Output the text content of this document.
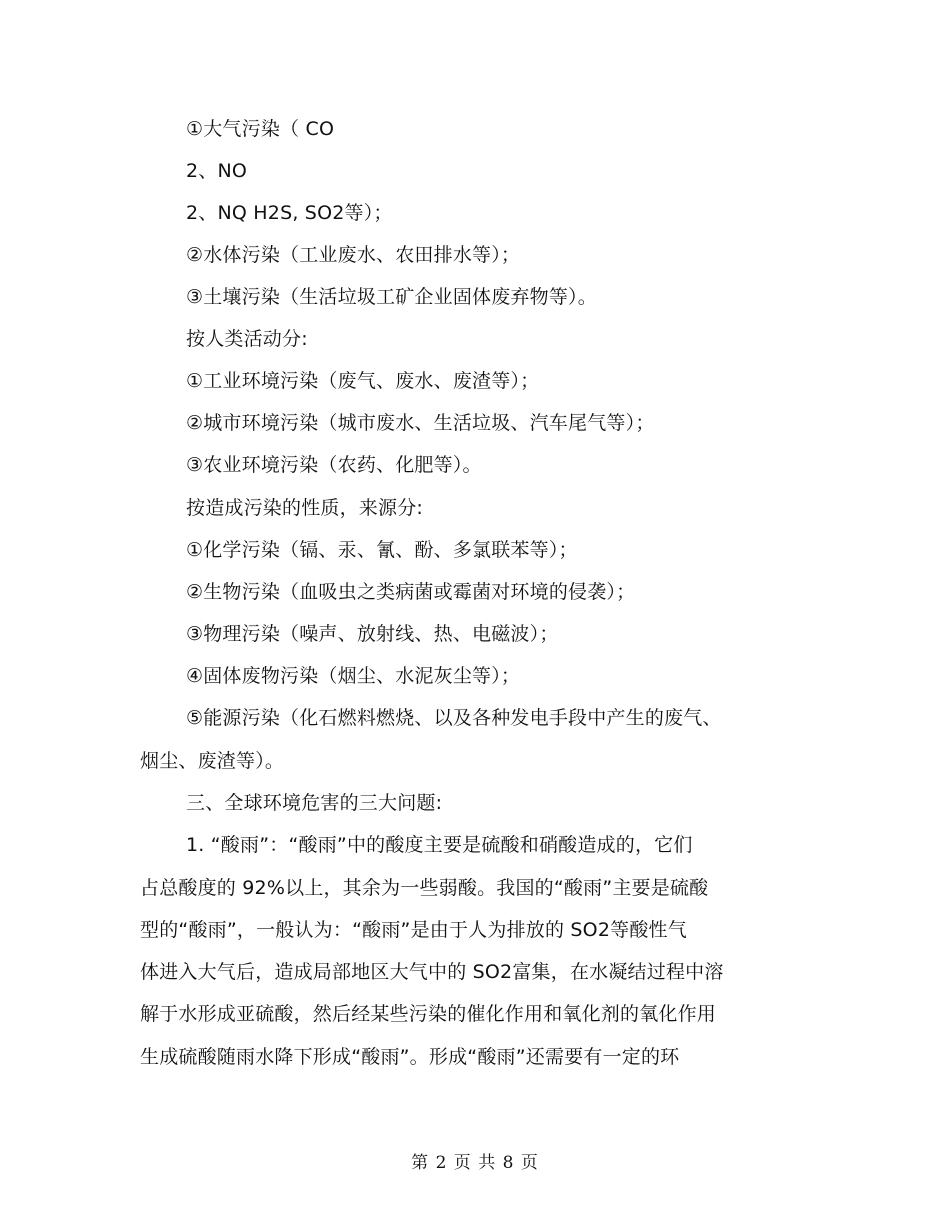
①大气污染（ CO
2、NO
2、NQ H2S, SO2等）；
②水体污染（工业废水、农田排水等）；
③土壤污染（生活垃圾工矿企业固体废弃物等）。
按人类活动分:
①工业环境污染（废气、废水、废渣等）；
②城市环境污染（城市废水、生活垃圾、汽车尾气等）；
③农业环境污染（农药、化肥等）。
按造成污染的性质，来源分:
①化学污染（镉、汞、氰、酚、多氯联苯等）；
②生物污染（血吸虫之类病菌或霉菌对环境的侵袭）；
③物理污染（噪声、放射线、热、电磁波）；
④固体废物污染（烟尘、水泥灰尘等）；
⑤能源污染（化石燃料燃烧、以及各种发电手段中产生的废气、
烟尘、废渣等）。
三、全球环境危害的三大问题:
1. “酸雨”：“酸雨”中的酸度主要是硫酸和硝酸造成的，它们
占总酸度的 92%以上，其余为一些弱酸。我国的“酸雨”主要是硫酸
型的“酸雨”，一般认为：“酸雨”是由于人为排放的 SO2等酸性气
体进入大气后，造成局部地区大气中的 SO2富集，在水凝结过程中溶
解于水形成亚硫酸，然后经某些污染的催化作用和氧化剂的氧化作用
生成硫酸随雨水降下形成“酸雨”。形成“酸雨”还需要有一定的环
第 2 页 共 8 页
